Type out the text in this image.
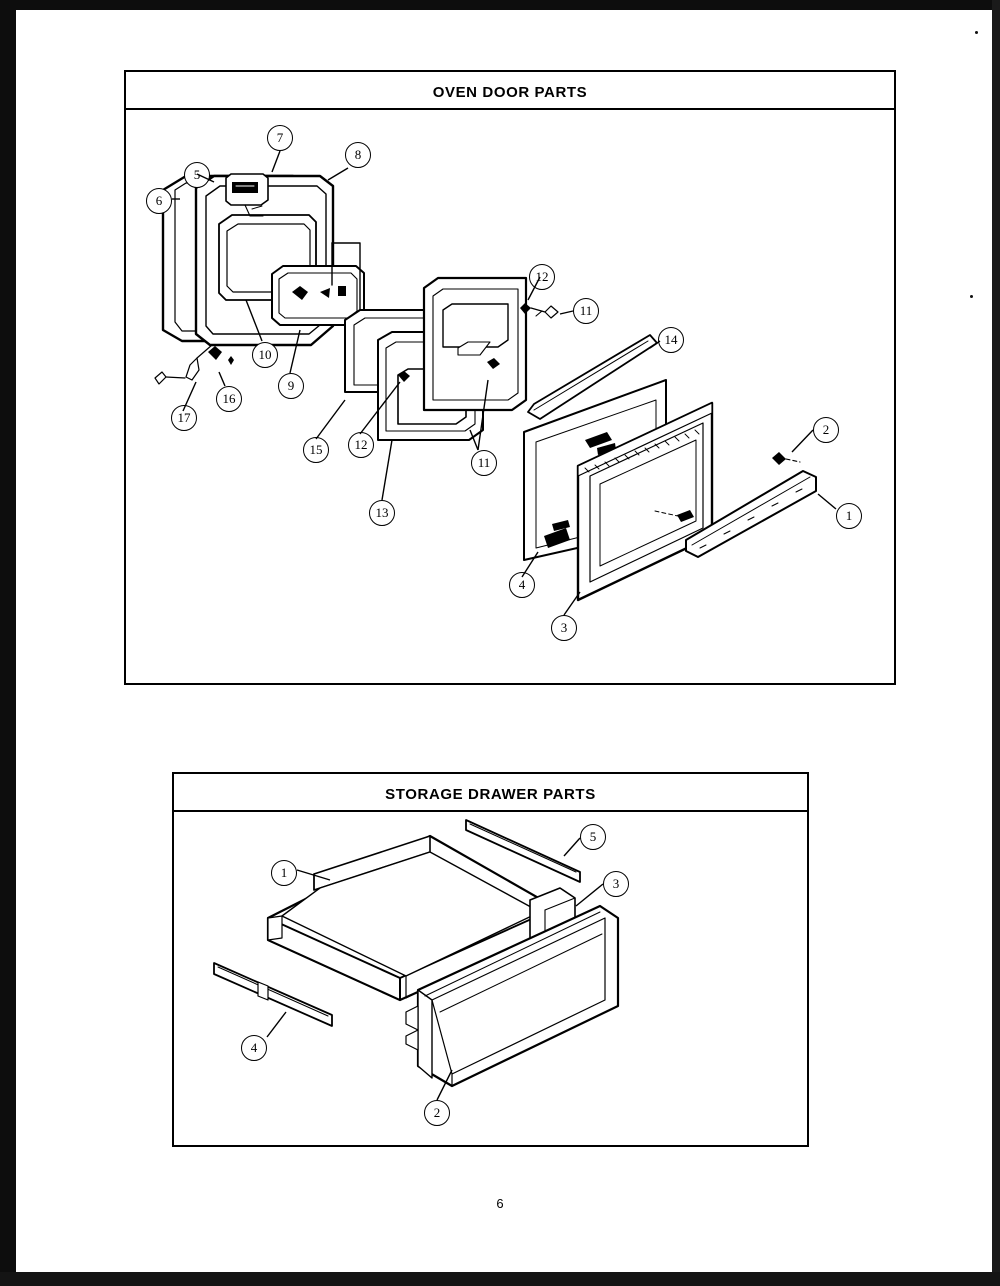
OVEN DOOR PARTS
7
8
5
6
12
11
14
10
9
16
17
2
15	12
11
13	1
4
3
STORAGE DRAWER PARTS
5
1
3
4
2
6
